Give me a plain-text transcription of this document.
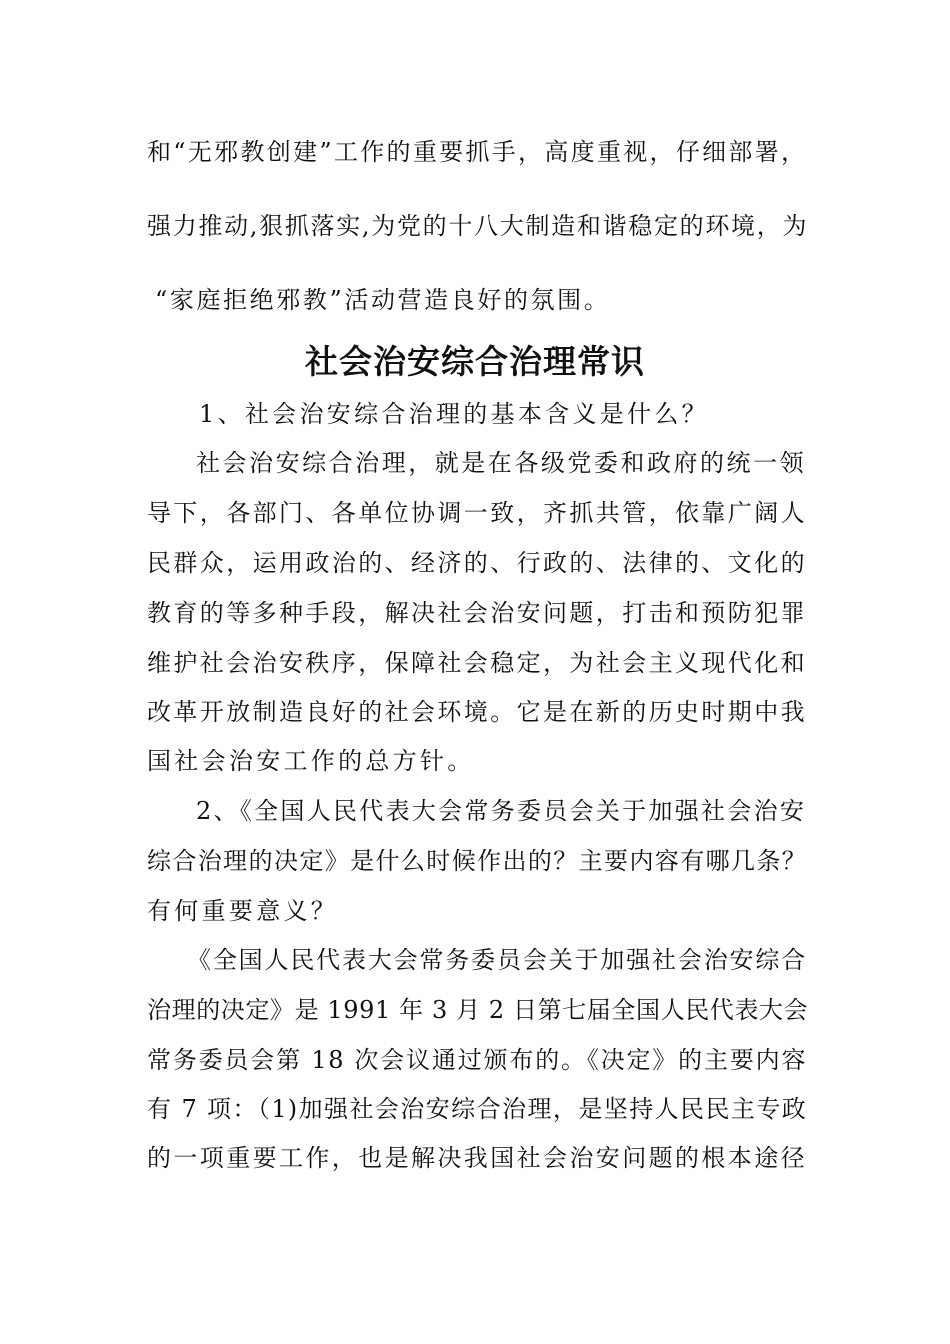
和“无邪教创建”工作的重要抓手，高度重视，仔细部署，
强力推动,狠抓落实,为党的十八大制造和谐稳定的环境，为
“家庭拒绝邪教”活动营造良好的氛围。
社会治安综合治理常识
1、社会治安综合治理的基本含义是什么？
社会治安综合治理，就是在各级党委和政府的统一领
导下，各部门、各单位协调一致，齐抓共管，依靠广阔人
民群众，运用政治的、经济的、行政的、法律的、文化的
教育的等多种手段，解决社会治安问题，打击和预防犯罪
维护社会治安秩序，保障社会稳定，为社会主义现代化和
改革开放制造良好的社会环境。它是在新的历史时期中我
国社会治安工作的总方针。
2、《全国人民代表大会常务委员会关于加强社会治安
综合治理的决定》是什么时候作出的？主要内容有哪几条？
有何重要意义？
《全国人民代表大会常务委员会关于加强社会治安综合
治理的决定》是 1991 年 3 月 2 日第七届全国人民代表大会
常务委员会第 18 次会议通过颁布的。《决定》的主要内容
有 7 项：（1)加强社会治安综合治理，是坚持人民民主专政
的一项重要工作，也是解决我国社会治安问题的根本途径
